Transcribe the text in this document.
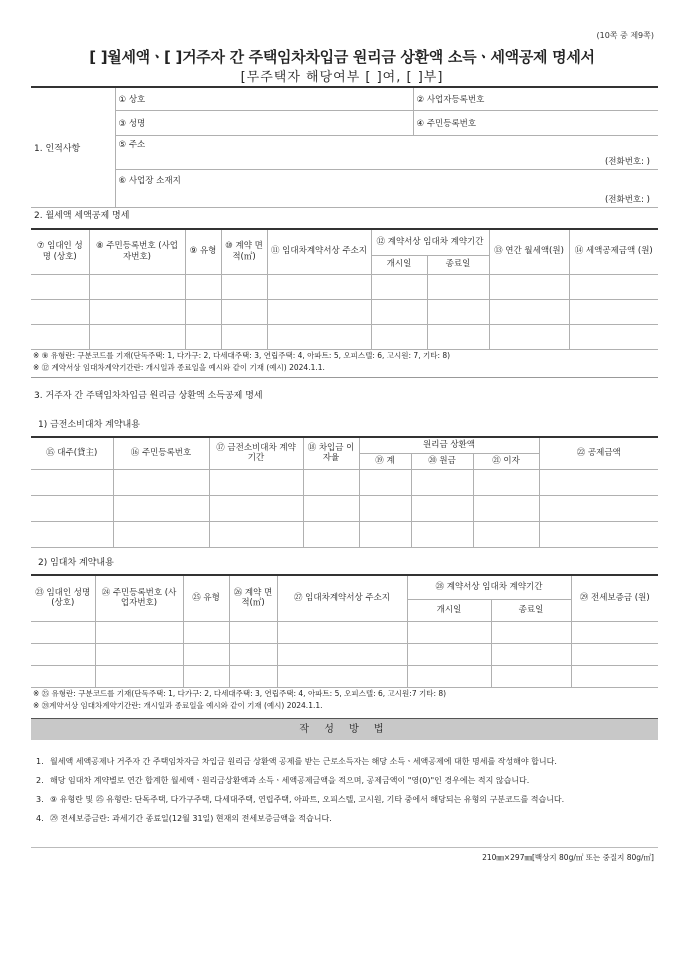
(10쪽 중 제9쪽)
[ ]월세액ㆍ[ ]거주자 간 주택임차차입금 원리금 상환액 소득ㆍ세액공제 명세서
[무주택자 해당여부 [ ]여, [ ]부]
1. 인적사항	① 상호	② 사업자등록번호
	③ 성명	④ 주민등록번호
	⑤ 주소	
	(전화번호: )	
	⑥ 사업장 소재지	
	(전화번호: )	
2. 월세액 세액공제 명세
⑦ 임대인 성명 (상호)	⑧ 주민등록번호 (사업자번호)	⑨ 유형	⑩ 계약 면적(㎡)	⑪ 임대차계약서상 주소지	⑫ 계약서상 임대차 계약기간		⑬ 연간 월세액(원)	⑭ 세액공제금액 (원)
					개시일	종료일		

※ ⑨ 유형란: 구분코드를 기재(단독주택: 1, 다가구: 2, 다세대주택: 3, 연립주택: 4, 아파트: 5, 오피스텔: 6, 고시원: 7, 기타: 8)
※ ⑫ 계약서상 임대차계약기간란: 개시일과 종료일을 예시와 같이 기재 (예시) 2024.1.1.
3. 거주자 간 주택임차차입금 원리금 상환액 소득공제 명세
1) 금전소비대차 계약내용
⑮ 대주(貸主)	⑯ 주민등록번호	⑰ 금전소비대차 계약기간	⑱ 차입금 이자율	원리금 상환액			㉒ 공제금액
				⑲ 계	⑳ 원금	㉑ 이자	

2) 임대차 계약내용
㉓ 임대인 성명 (상호)	㉔ 주민등록번호 (사업자번호)	㉕ 유형	㉖ 계약 면적(㎡)	㉗ 임대차계약서상 주소지	㉘ 계약서상 임대차 계약기간		㉙ 전세보증금 (원)
					개시일	종료일	

※ ㉕ 유형란: 구분코드를 기재(단독주택: 1, 다가구: 2, 다세대주택: 3, 연립주택: 4, 아파트: 5, 오피스텔: 6, 고시원:7 기타: 8)
※ ㉘계약서상 임대차계약기간란: 개시일과 종료일을 예시와 같이 기재 (예시) 2024.1.1.
작 성 방 법
1. 월세액 세액공제나 거주자 간 주택임차자금 차입금 원리금 상환액 공제를 받는 근로소득자는 해당 소득ㆍ세액공제에 대한 명세를 작성해야 합니다.
2. 해당 임대차 계약별로 연간 합계한 월세액ㆍ원리금상환액과 소득ㆍ세액공제금액을 적으며, 공제금액이 "영(0)"인 경우에는 적지 않습니다.
3. ⑨ 유형란 및 ㉕ 유형란: 단독주택, 다가구주택, 다세대주택, 연립주택, 아파트, 오피스텔, 고시원, 기타 중에서 해당되는 유형의 구분코드를 적습니다.
4. ㉙ 전세보증금란: 과세기간 종료일(12월 31일) 현재의 전세보증금액을 적습니다.
210㎜×297㎜[백상지 80g/㎡ 또는 중질지 80g/㎡]
